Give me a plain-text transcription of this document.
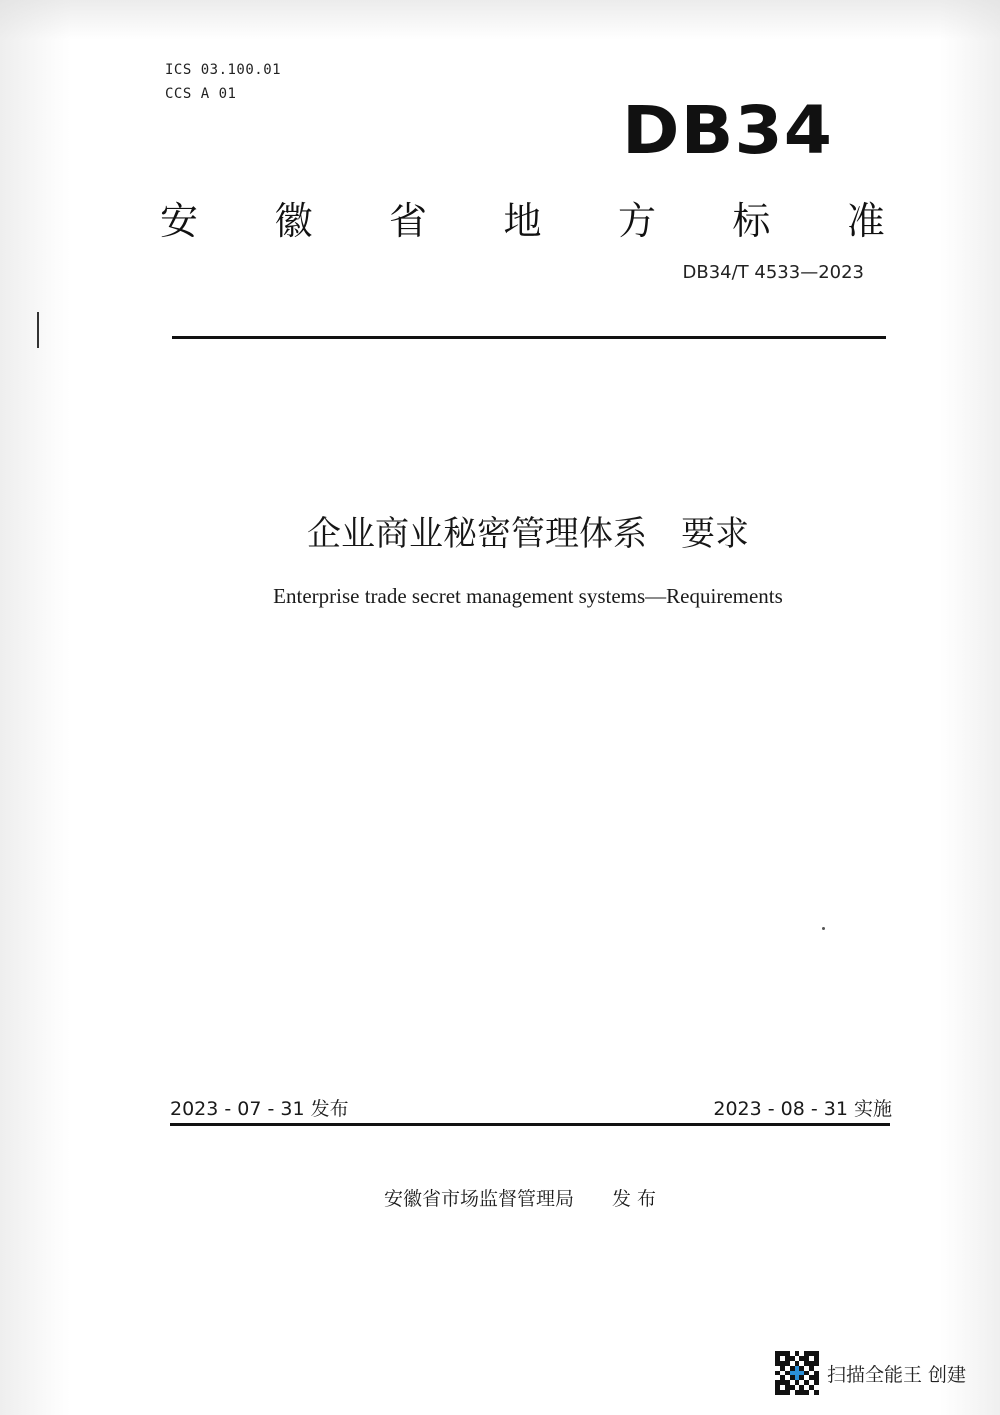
ICS 03.100.01
CCS A 01	DB34
安 徽 省 地 方 标 准
DB34/T 4533—2023
企业商业秘密管理体系　要求
Enterprise trade secret management systems—Requirements
2023 - 07 - 31 发布	2023 - 08 - 31 实施
安徽省市场监督管理局　　发 布
扫描全能王 创建
